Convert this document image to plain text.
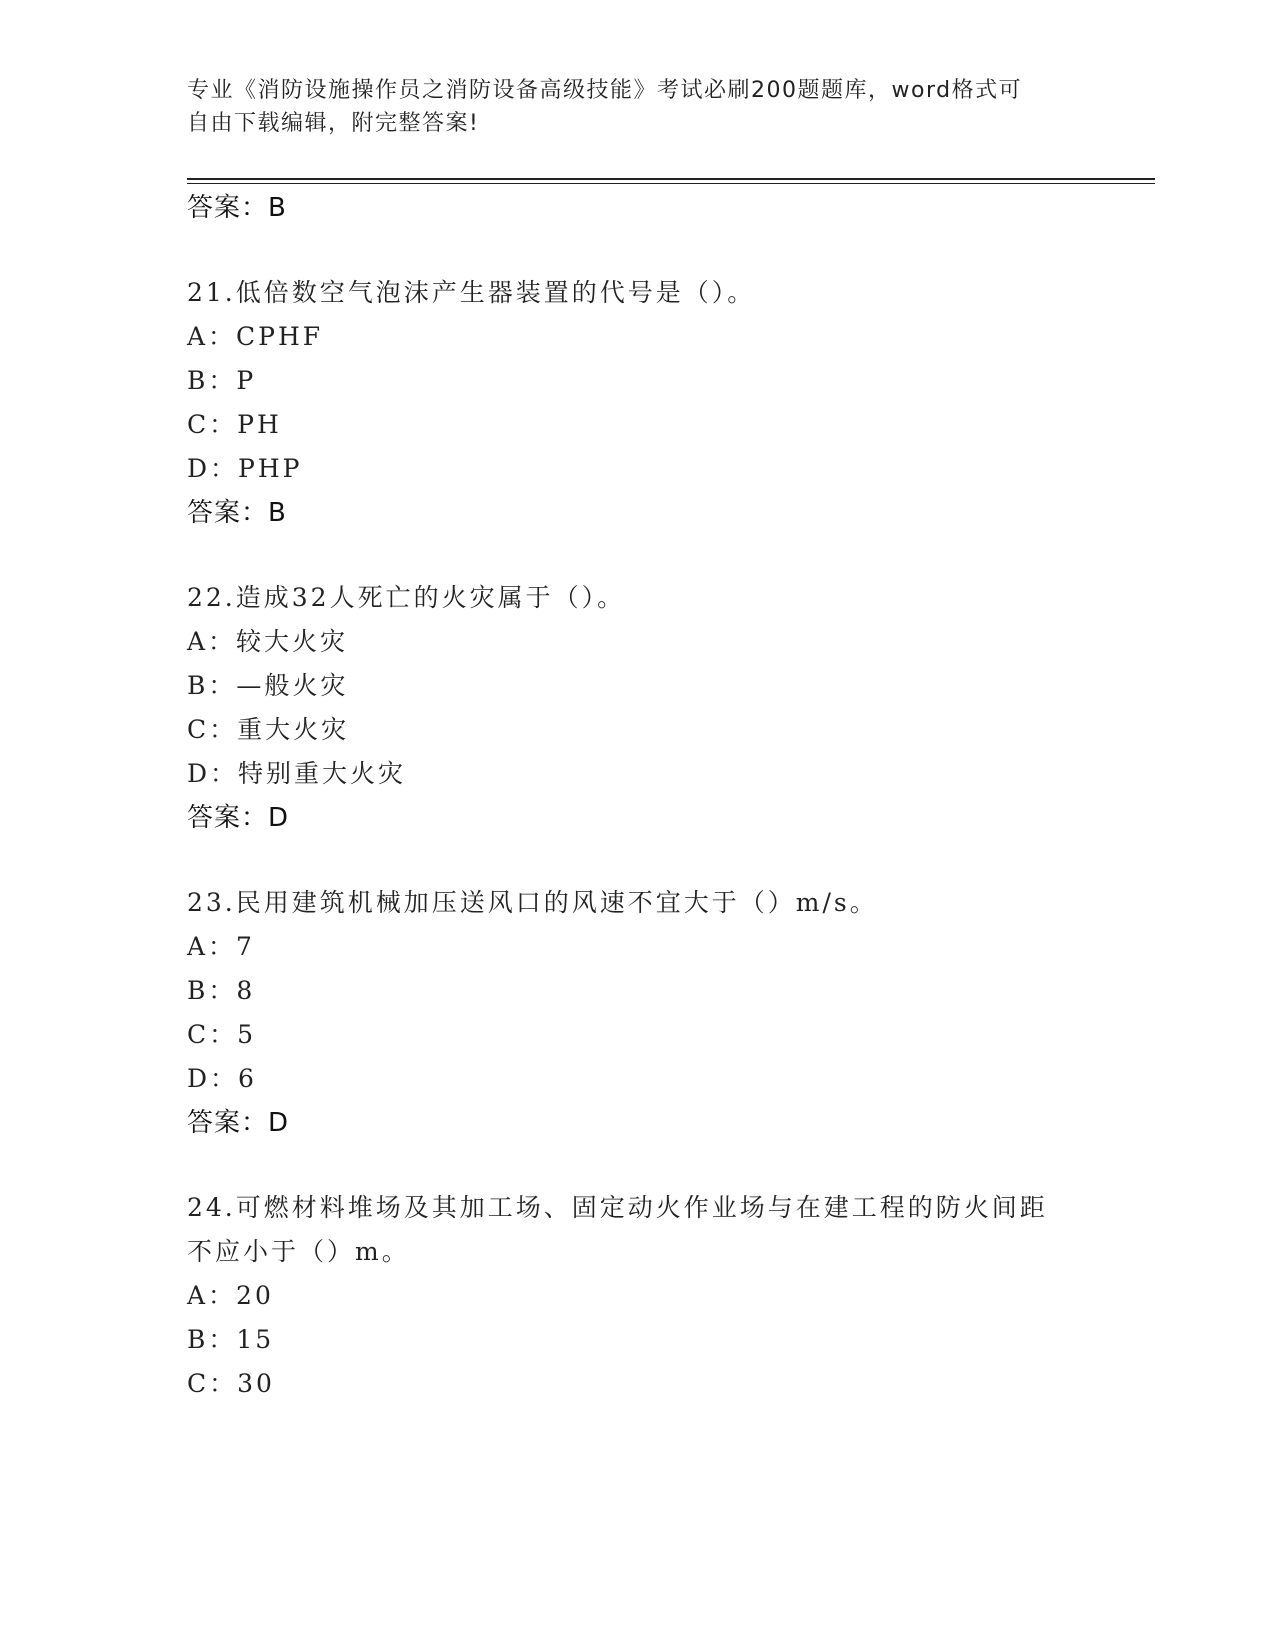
专业《消防设施操作员之消防设备高级技能》考试必刷200题题库，word格式可
自由下载编辑，附完整答案!
答案：B
21.低倍数空气泡沫产生器装置的代号是（）。
A：CPHF
B：P
C：PH
D：PHP
答案：B
22.造成32人死亡的火灾属于（）。
A：较大火灾
B：—般火灾
C：重大火灾
D：特别重大火灾
答案：D
23.民用建筑机械加压送风口的风速不宜大于（）m/s。
A：7
B：8
C：5
D：6
答案：D
24.可燃材料堆场及其加工场、固定动火作业场与在建工程的防火间距
不应小于（）m。
A：20
B：15
C：30
